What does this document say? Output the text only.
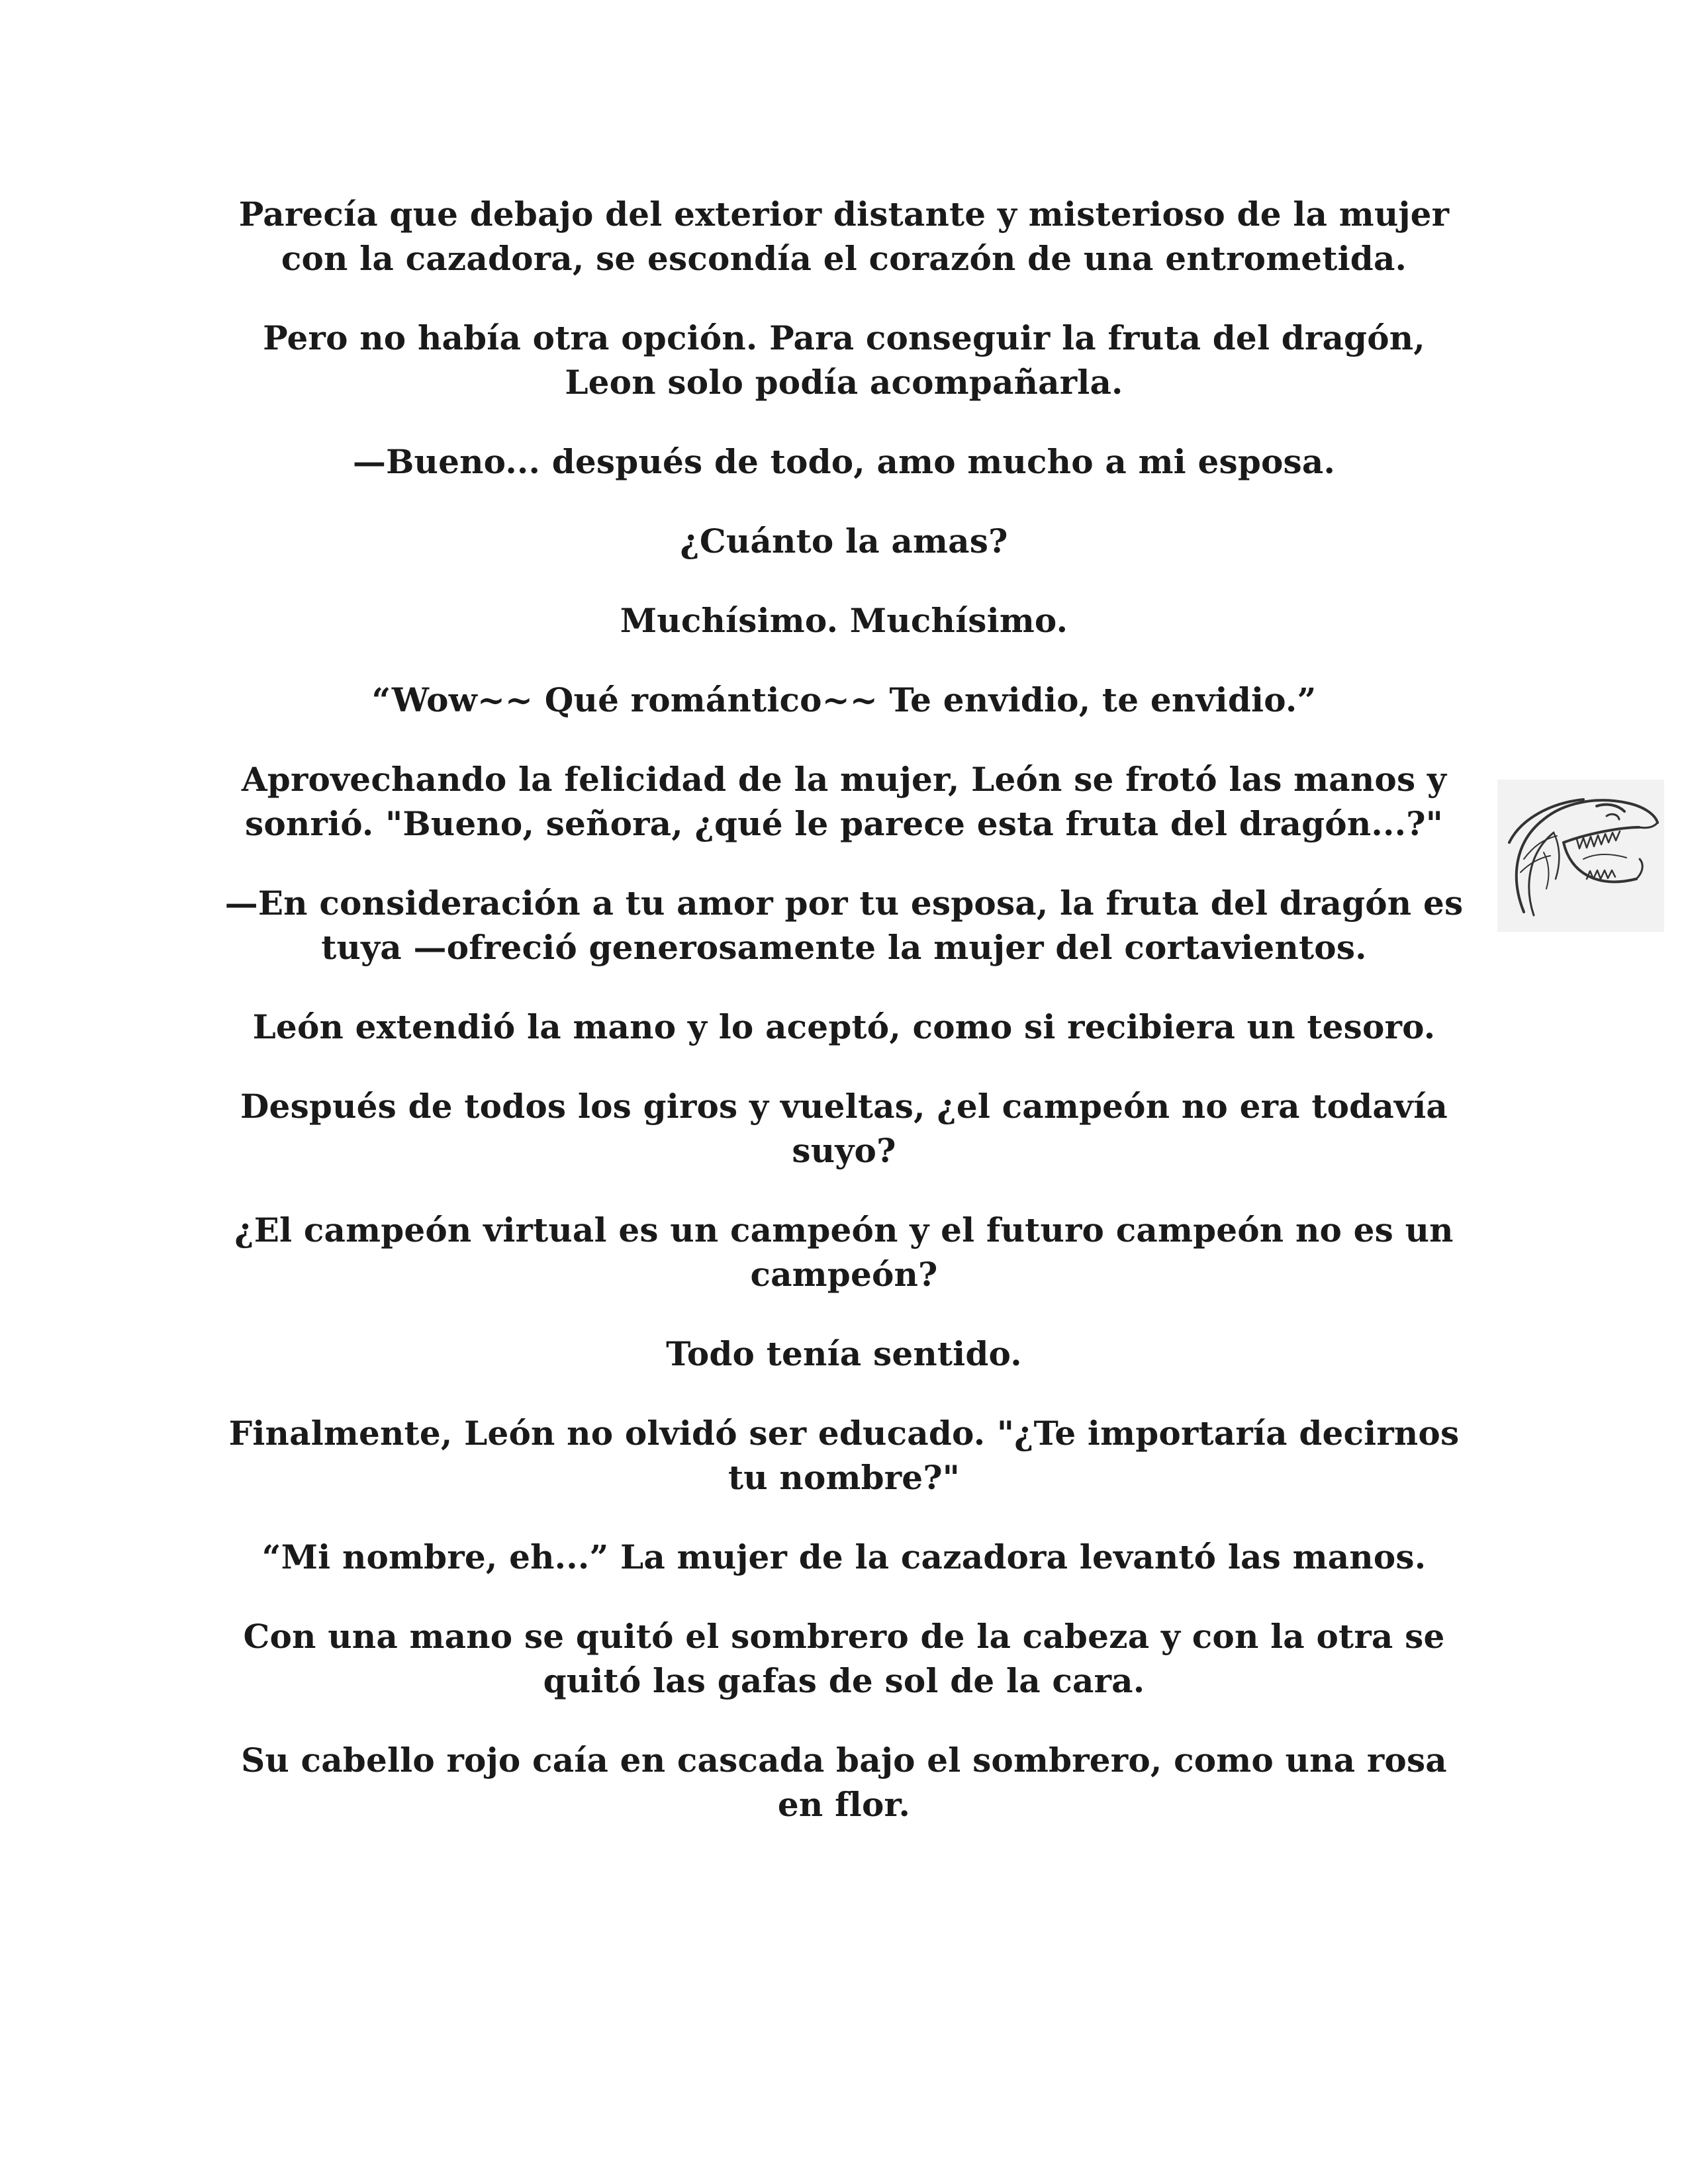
Parecía que debajo del exterior distante y misterioso de la mujer con la cazadora, se escondía el corazón de una entrometida.

Pero no había otra opción. Para conseguir la fruta del dragón, Leon solo podía acompañarla.

—Bueno... después de todo, amo mucho a mi esposa.

¿Cuánto la amas?

Muchísimo. Muchísimo.

“Wow~~ Qué romántico~~ Te envidio, te envidio.”

Aprovechando la felicidad de la mujer, León se frotó las manos y sonrió. "Bueno, señora, ¿qué le parece esta fruta del dragón...?"

—En consideración a tu amor por tu esposa, la fruta del dragón es tuya —ofreció generosamente la mujer del cortavientos.

León extendió la mano y lo aceptó, como si recibiera un tesoro.

Después de todos los giros y vueltas, ¿el campeón no era todavía suyo?

¿El campeón virtual es un campeón y el futuro campeón no es un campeón?

Todo tenía sentido.

Finalmente, León no olvidó ser educado. "¿Te importaría decirnos tu nombre?"

“Mi nombre, eh...” La mujer de la cazadora levantó las manos.

Con una mano se quitó el sombrero de la cabeza y con la otra se quitó las gafas de sol de la cara.

Su cabello rojo caía en cascada bajo el sombrero, como una rosa en flor.
